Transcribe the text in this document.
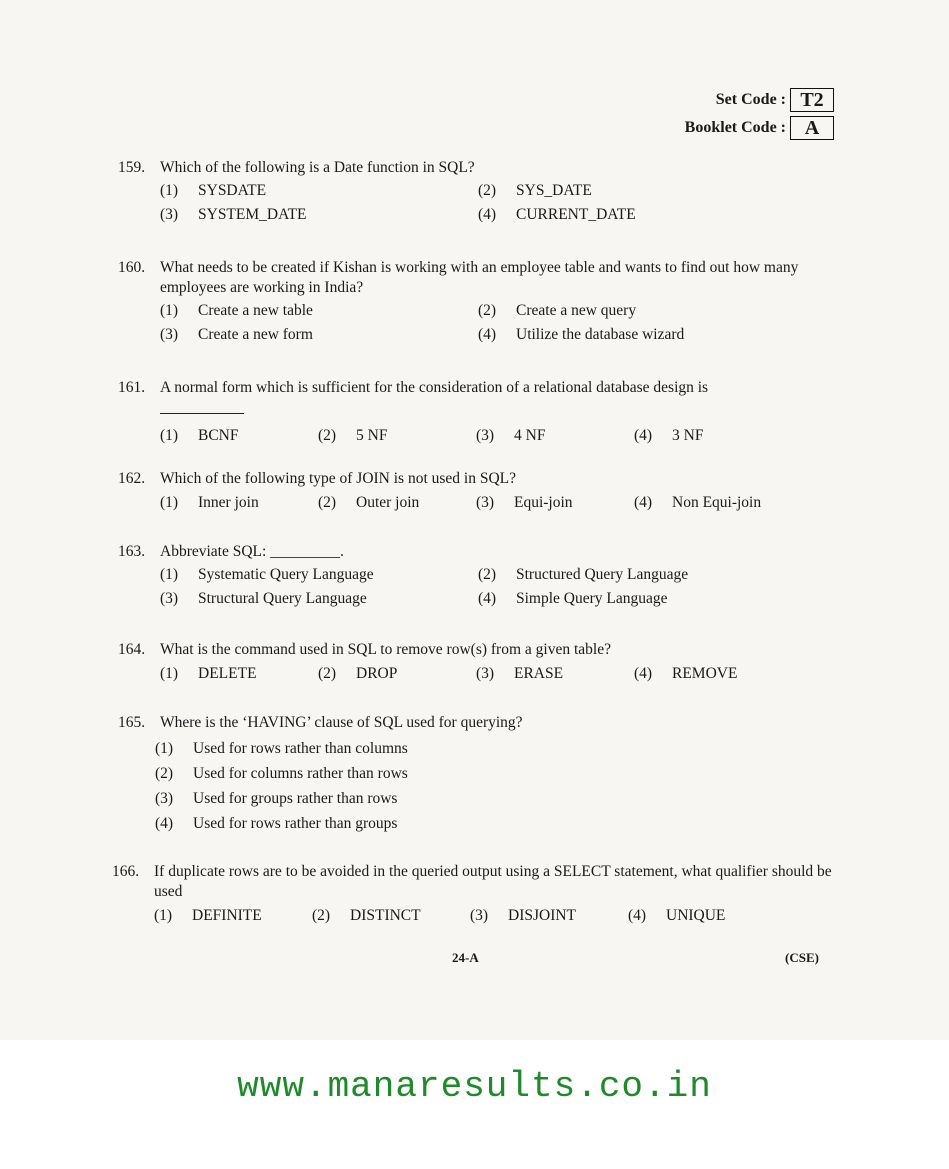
Set Code : T2
Booklet Code : A
159. Which of the following is a Date function in SQL?
(1)	SYSDATE	(2)	SYS_DATE
(3)	SYSTEM_DATE	(4)	CURRENT_DATE
160. What needs to be created if Kishan is working with an employee table and wants to find out how many employees are working in India?
(1)	Create a new table	(2)	Create a new query
(3)	Create a new form	(4)	Utilize the database wizard
161. A normal form which is sufficient for the consideration of a relational database design is
(1)	BCNF	(2)	5 NF	(3)	4 NF	(4)	3 NF
162. Which of the following type of JOIN is not used in SQL?
(1)	Inner join	(2)	Outer join	(3)	Equi-join	(4)	Non Equi-join
163. Abbreviate SQL: _________.
(1)	Systematic Query Language	(2)	Structured Query Language
(3)	Structural Query Language	(4)	Simple Query Language
164. What is the command used in SQL to remove row(s) from a given table?
(1)	DELETE	(2)	DROP	(3)	ERASE	(4)	REMOVE
165. Where is the ‘HAVING’ clause of SQL used for querying?
(1)	Used for rows rather than columns
(2)	Used for columns rather than rows
(3)	Used for groups rather than rows
(4)	Used for rows rather than groups
166. If duplicate rows are to be avoided in the queried output using a SELECT statement, what qualifier should be used
(1)	DEFINITE	(2)	DISTINCT	(3)	DISJOINT	(4)	UNIQUE
24-A	(CSE)
www.manaresults.co.in
